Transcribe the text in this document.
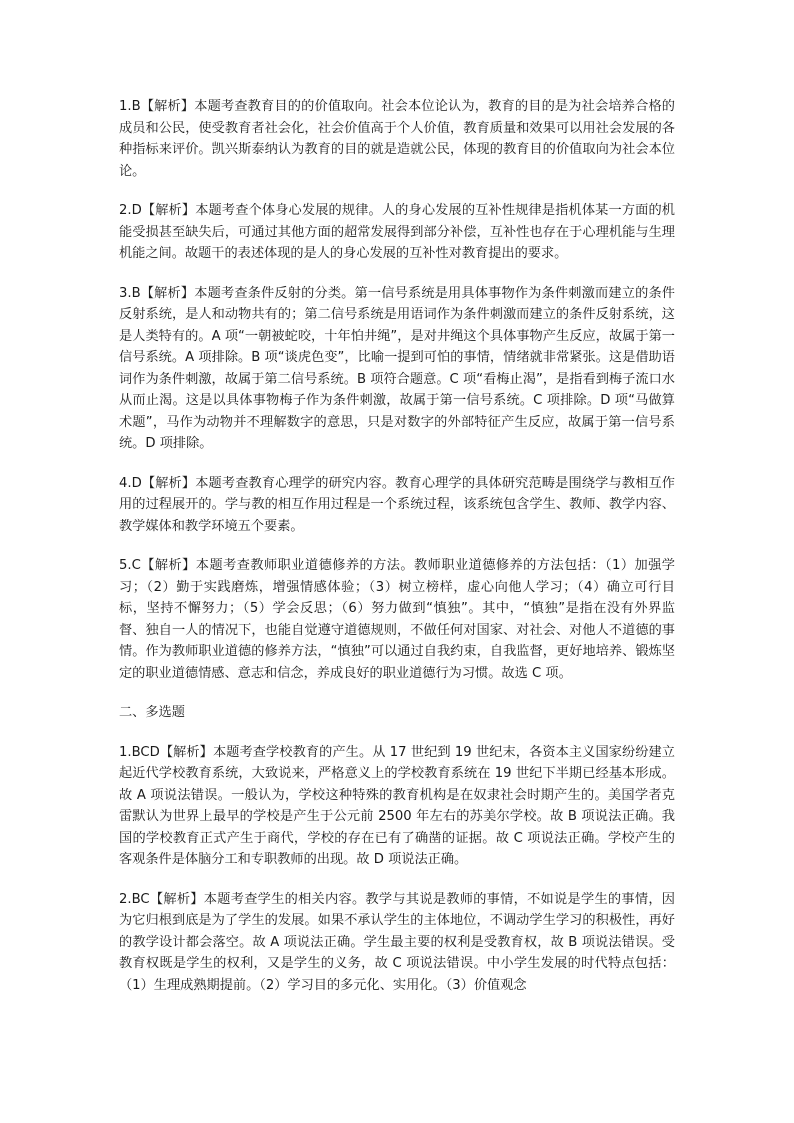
1.B【解析】本题考查教育目的的价值取向。社会本位论认为，教育的目的是为社会培养合格的成员和公民，使受教育者社会化，社会价值高于个人价值，教育质量和效果可以用社会发展的各种指标来评价。凯兴斯泰纳认为教育的目的就是造就公民，体现的教育目的价值取向为社会本位论。

2.D【解析】本题考查个体身心发展的规律。人的身心发展的互补性规律是指机体某一方面的机能受损甚至缺失后，可通过其他方面的超常发展得到部分补偿，互补性也存在于心理机能与生理机能之间。故题干的表述体现的是人的身心发展的互补性对教育提出的要求。

3.B【解析】本题考查条件反射的分类。第一信号系统是用具体事物作为条件刺激而建立的条件反射系统，是人和动物共有的；第二信号系统是用语词作为条件刺激而建立的条件反射系统，这是人类特有的。A 项“一朝被蛇咬，十年怕井绳”，是对井绳这个具体事物产生反应，故属于第一信号系统。A 项排除。B 项“谈虎色变”，比喻一提到可怕的事情，情绪就非常紧张。这是借助语词作为条件刺激，故属于第二信号系统。B 项符合题意。C 项“看梅止渴”，是指看到梅子流口水从而止渴。这是以具体事物梅子作为条件刺激，故属于第一信号系统。C 项排除。D 项“马做算术题”，马作为动物并不理解数字的意思，只是对数字的外部特征产生反应，故属于第一信号系统。D 项排除。

4.D【解析】本题考查教育心理学的研究内容。教育心理学的具体研究范畴是围绕学与教相互作用的过程展开的。学与教的相互作用过程是一个系统过程，该系统包含学生、教师、教学内容、教学媒体和教学环境五个要素。

5.C【解析】本题考查教师职业道德修养的方法。教师职业道德修养的方法包括：（1）加强学习；（2）勤于实践磨炼，增强情感体验；（3）树立榜样，虚心向他人学习；（4）确立可行目标，坚持不懈努力；（5）学会反思；（6）努力做到“慎独”。其中，“慎独”是指在没有外界监督、独自一人的情况下，也能自觉遵守道德规则，不做任何对国家、对社会、对他人不道德的事情。作为教师职业道德的修养方法，“慎独”可以通过自我约束，自我监督，更好地培养、锻炼坚定的职业道德情感、意志和信念，养成良好的职业道德行为习惯。故选 C 项。

二、多选题

1.BCD【解析】本题考查学校教育的产生。从 17 世纪到 19 世纪末，各资本主义国家纷纷建立起近代学校教育系统，大致说来，严格意义上的学校教育系统在 19 世纪下半期已经基本形成。故 A 项说法错误。一般认为，学校这种特殊的教育机构是在奴隶社会时期产生的。美国学者克雷默认为世界上最早的学校是产生于公元前 2500 年左右的苏美尔学校。故 B 项说法正确。我国的学校教育正式产生于商代，学校的存在已有了确凿的证据。故 C 项说法正确。学校产生的客观条件是体脑分工和专职教师的出现。故 D 项说法正确。

2.BC【解析】本题考查学生的相关内容。教学与其说是教师的事情，不如说是学生的事情，因为它归根到底是为了学生的发展。如果不承认学生的主体地位，不调动学生学习的积极性，再好的教学设计都会落空。故 A 项说法正确。学生最主要的权利是受教育权，故 B 项说法错误。受教育权既是学生的权利，又是学生的义务，故 C 项说法错误。中小学生发展的时代特点包括：（1）生理成熟期提前。（2）学习目的多元化、实用化。（3）价值观念
